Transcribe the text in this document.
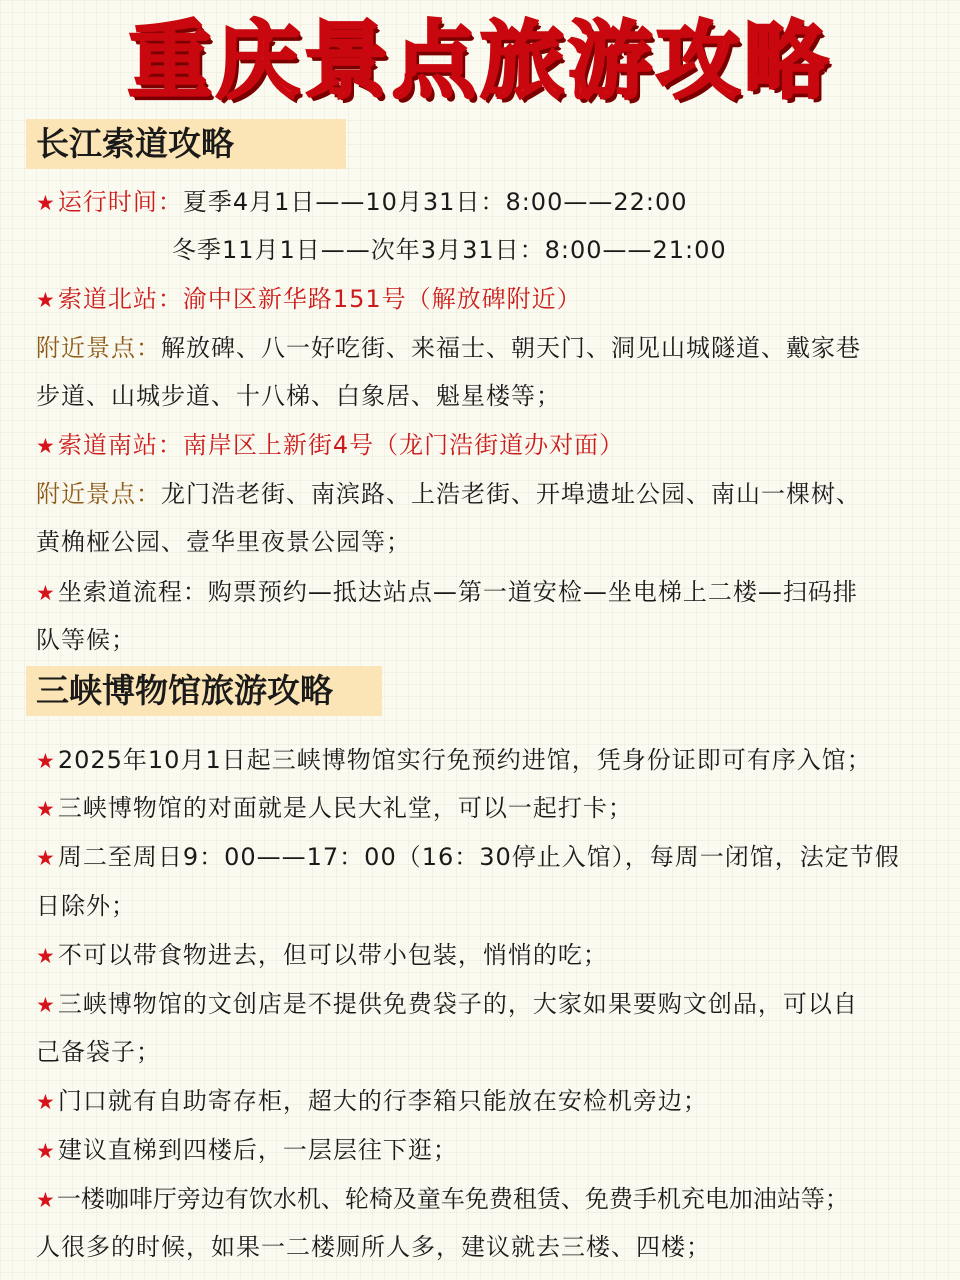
重庆景点旅游攻略
长江索道攻略
★运行时间：夏季4月1日——10月31日：8:00——22:00
冬季11月1日——次年3月31日：8:00——21:00
★索道北站：渝中区新华路151号（解放碑附近）
附近景点：解放碑、八一好吃街、来福士、朝天门、洞见山城隧道、戴家巷
步道、山城步道、十八梯、白象居、魁星楼等；
★索道南站：南岸区上新街4号（龙门浩街道办对面）
附近景点：龙门浩老街、南滨路、上浩老街、开埠遗址公园、南山一棵树、
黄桷桠公园、壹华里夜景公园等；
★坐索道流程：购票预约—抵达站点—第一道安检—坐电梯上二楼—扫码排
队等候；
三峡博物馆旅游攻略
★2025年10月1日起三峡博物馆实行免预约进馆，凭身份证即可有序入馆；
★三峡博物馆的对面就是人民大礼堂，可以一起打卡；
★周二至周日9：00——17：00（16：30停止入馆），每周一闭馆，法定节假
日除外；
★不可以带食物进去，但可以带小包装，悄悄的吃；
★三峡博物馆的文创店是不提供免费袋子的，大家如果要购文创品，可以自
己备袋子；
★门口就有自助寄存柜，超大的行李箱只能放在安检机旁边；
★建议直梯到四楼后，一层层往下逛；
★一楼咖啡厅旁边有饮水机、轮椅及童车免费租赁、免费手机充电加油站等；
人很多的时候，如果一二楼厕所人多，建议就去三楼、四楼；
